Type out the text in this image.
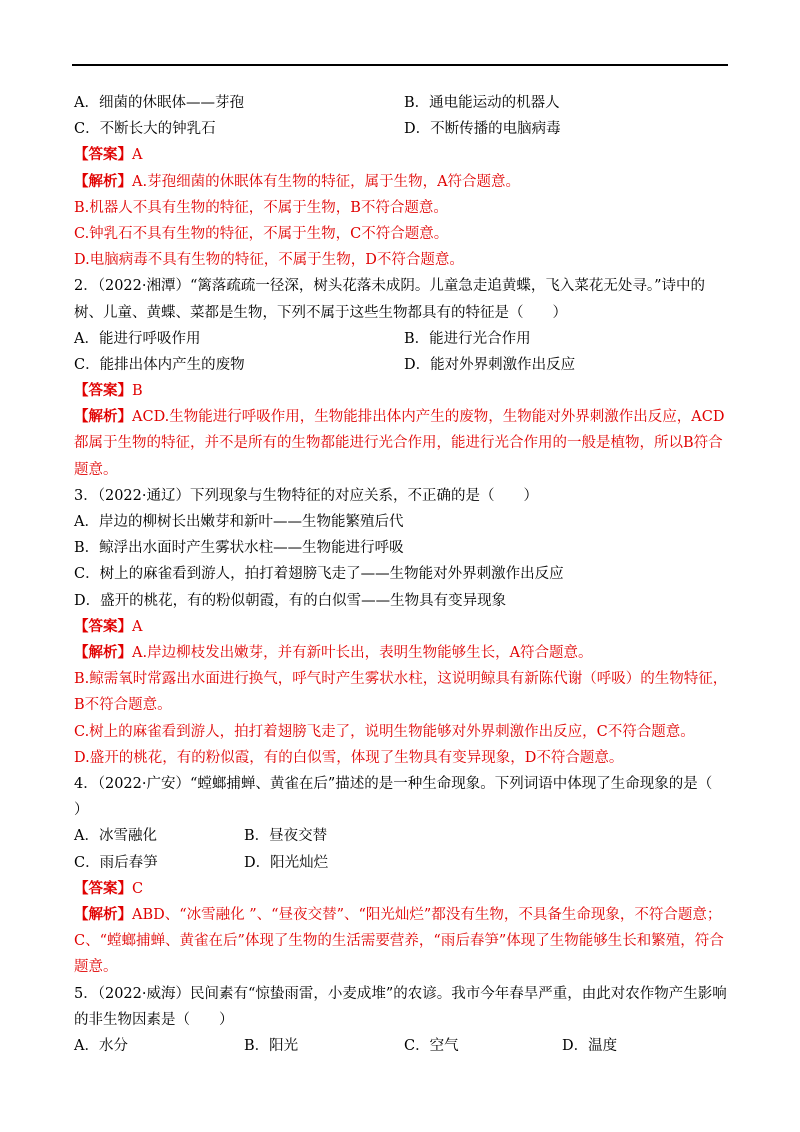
A．细菌的休眠体——芽孢	B．通电能运动的机器人
C．不断长大的钟乳石	D．不断传播的电脑病毒
【答案】A
【解析】A.芽孢细菌的休眠体有生物的特征，属于生物，A符合题意。
B.机器人不具有生物的特征，不属于生物，B不符合题意。
C.钟乳石不具有生物的特征，不属于生物，C不符合题意。
D.电脑病毒不具有生物的特征，不属于生物，D不符合题意。
2．（2022·湘潭）“篱落疏疏一径深，树头花落未成阴。儿童急走追黄蝶，飞入菜花无处寻。”诗中的树、儿童、黄蝶、菜都是生物，下列不属于这些生物都具有的特征是（　　）
A．能进行呼吸作用	B．能进行光合作用
C．能排出体内产生的废物	D．能对外界刺激作出反应
【答案】B
【解析】ACD.生物能进行呼吸作用，生物能排出体内产生的废物，生物能对外界刺激作出反应，ACD都属于生物的特征，并不是所有的生物都能进行光合作用，能进行光合作用的一般是植物，所以B符合题意。
3．（2022·通辽）下列现象与生物特征的对应关系，不正确的是（　　）
A．岸边的柳树长出嫩芽和新叶——生物能繁殖后代
B．鲸浮出水面时产生雾状水柱——生物能进行呼吸
C．树上的麻雀看到游人，拍打着翅膀飞走了——生物能对外界刺激作出反应
D．盛开的桃花，有的粉似朝霞，有的白似雪——生物具有变异现象
【答案】A
【解析】A.岸边柳枝发出嫩芽，并有新叶长出，表明生物能够生长，A符合题意。
B.鲸需氧时常露出水面进行换气，呼气时产生雾状水柱，这说明鲸具有新陈代谢（呼吸）的生物特征，B不符合题意。
C.树上的麻雀看到游人，拍打着翅膀飞走了，说明生物能够对外界刺激作出反应，C不符合题意。
D.盛开的桃花，有的粉似霞，有的白似雪，体现了生物具有变异现象，D不符合题意。
4．（2022·广安）“螳螂捕蝉、黄雀在后”描述的是一种生命现象。下列词语中体现了生命现象的是（　　）
A．冰雪融化	B．昼夜交替
C．雨后春笋	D．阳光灿烂
【答案】C
【解析】ABD、“冰雪融化 ”、“昼夜交替”、“阳光灿烂”都没有生物，不具备生命现象，不符合题意；
C、“螳螂捕蝉、黄雀在后”体现了生物的生活需要营养，“雨后春笋”体现了生物能够生长和繁殖，符合题意。
5．（2022·威海）民间素有“惊蛰雨雷，小麦成堆”的农谚。我市今年春旱严重，由此对农作物产生影响的非生物因素是（　　）
A．水分	B．阳光	C．空气	D．温度
